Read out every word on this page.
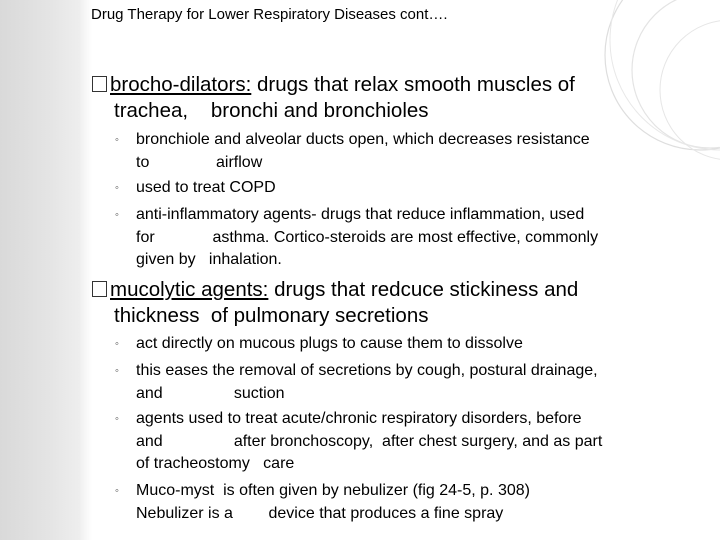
Drug Therapy for Lower Respiratory Diseases cont….
brocho-dilators: drugs that relax smooth muscles of
trachea,    bronchi and bronchioles
◦	bronchiole and alveolar ducts open, which decreases resistance
to               airflow
◦	used to treat COPD
◦	anti-inflammatory agents- drugs that reduce inflammation, used
for             asthma. Cortico-steroids are most effective, commonly
given by   inhalation.
mucolytic agents: drugs that redcuce stickiness and
thickness  of pulmonary secretions
◦	act directly on mucous plugs to cause them to dissolve
◦	this eases the removal of secretions by cough, postural drainage,
and                suction
◦	agents used to treat acute/chronic respiratory disorders, before
and                after bronchoscopy,  after chest surgery, and as part
of tracheostomy   care
◦	Muco-myst  is often given by nebulizer (fig 24-5, p. 308)
Nebulizer is a        device that produces a fine spray
